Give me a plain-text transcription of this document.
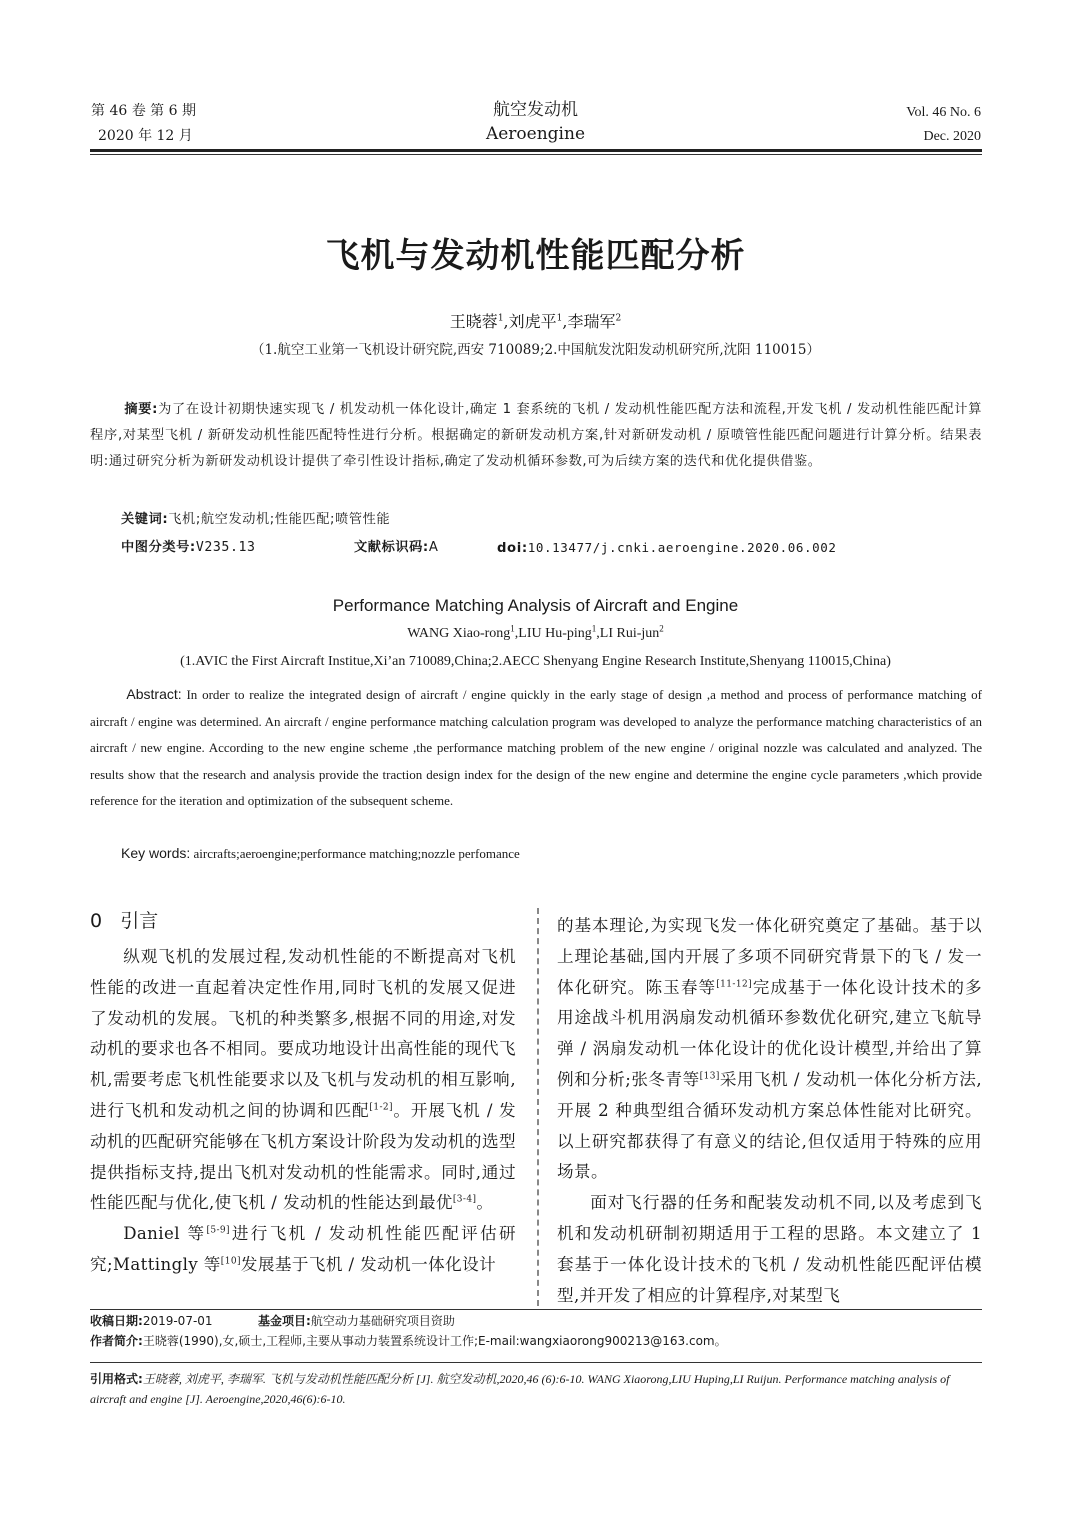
第 46 卷 第 6 期
2020 年 12 月
航空发动机
Aeroengine
Vol. 46 No. 6
Dec. 2020
飞机与发动机性能匹配分析
王晓蓉$^1$,刘虎平$^1$,李瑞军$^2$
（1.航空工业第一飞机设计研究院,西安 710089;2.中国航发沈阳发动机研究所,沈阳 110015）
摘要:为了在设计初期快速实现飞 / 机发动机一体化设计,确定 1 套系统的飞机 / 发动机性能匹配方法和流程,开发飞机 / 发动机性能匹配计算程序,对某型飞机 / 新研发动机性能匹配特性进行分析。根据确定的新研发动机方案,针对新研发动机 / 原喷管性能匹配问题进行计算分析。结果表明:通过研究分析为新研发动机设计提供了牵引性设计指标,确定了发动机循环参数,可为后续方案的迭代和优化提供借鉴。
关键词:飞机;航空发动机;性能匹配;喷管性能
中图分类号:V235.13	文献标识码:A	doi:10.13477/j.cnki.aeroengine.2020.06.002
Performance Matching Analysis of Aircraft and Engine
WANG Xiao-rong$^1$,LIU Hu-ping$^1$,LI Rui-jun$^2$
(1.AVIC the First Aircraft Institue,Xi’an 710089,China;2.AECC Shenyang Engine Research Institute,Shenyang 110015,China)
Abstract: In order to realize the integrated design of aircraft / engine quickly in the early stage of design ,a method and process of performance matching of aircraft / engine was determined. An aircraft / engine performance matching calculation program was developed to analyze the performance matching characteristics of an aircraft / new engine. According to the new engine scheme ,the performance matching problem of the new engine / original nozzle was calculated and analyzed. The results show that the research and analysis provide the traction design index for the design of the new engine and determine the engine cycle parameters ,which provide reference for the iteration and optimization of the subsequent scheme.
Key words: aircrafts;aeroengine;performance matching;nozzle perfomance
0 引言

纵观飞机的发展过程,发动机性能的不断提高对飞机性能的改进一直起着决定性作用,同时飞机的发展又促进了发动机的发展。飞机的种类繁多,根据不同的用途,对发动机的要求也各不相同。要成功地设计出高性能的现代飞机,需要考虑飞机性能要求以及飞机与发动机的相互影响,进行飞机和发动机之间的协调和匹配[1-2]。开展飞机 / 发动机的匹配研究能够在飞机方案设计阶段为发动机的选型提供指标支持,提出飞机对发动机的性能需求。同时,通过性能匹配与优化,使飞机 / 发动机的性能达到最优[3-4]。

Daniel 等[5-9]进行飞机 / 发动机性能匹配评估研究;Mattingly 等[10]发展基于飞机 / 发动机一体化设计

的基本理论,为实现飞发一体化研究奠定了基础。基于以上理论基础,国内开展了多项不同研究背景下的飞 / 发一体化研究。陈玉春等[11-12]完成基于一体化设计技术的多用途战斗机用涡扇发动机循环参数优化研究,建立飞航导弹 / 涡扇发动机一体化设计的优化设计模型,并给出了算例和分析;张冬青等[13]采用飞机 / 发动机一体化分析方法, 开展 2 种典型组合循环发动机方案总体性能对比研究。以上研究都获得了有意义的结论,但仅适用于特殊的应用场景。

面对飞行器的任务和配装发动机不同,以及考虑到飞机和发动机研制初期适用于工程的思路。本文建立了 1 套基于一体化设计技术的飞机 / 发动机性能匹配评估模型,并开发了相应的计算程序,对某型飞

收稿日期:2019-07-01	基金项目:航空动力基础研究项目资助
作者简介:王晓蓉(1990),女,硕士,工程师,主要从事动力装置系统设计工作;E-mail:wangxiaorong900213@163.com。
引用格式:王晓蓉, 刘虎平, 李瑞军. 飞机与发动机性能匹配分析 [J]. 航空发动机,2020,46 (6):6-10. WANG Xiaorong,LIU Huping,LI Ruijun. Performance matching analysis of aircraft and engine [J]. Aeroengine,2020,46(6):6-10.
